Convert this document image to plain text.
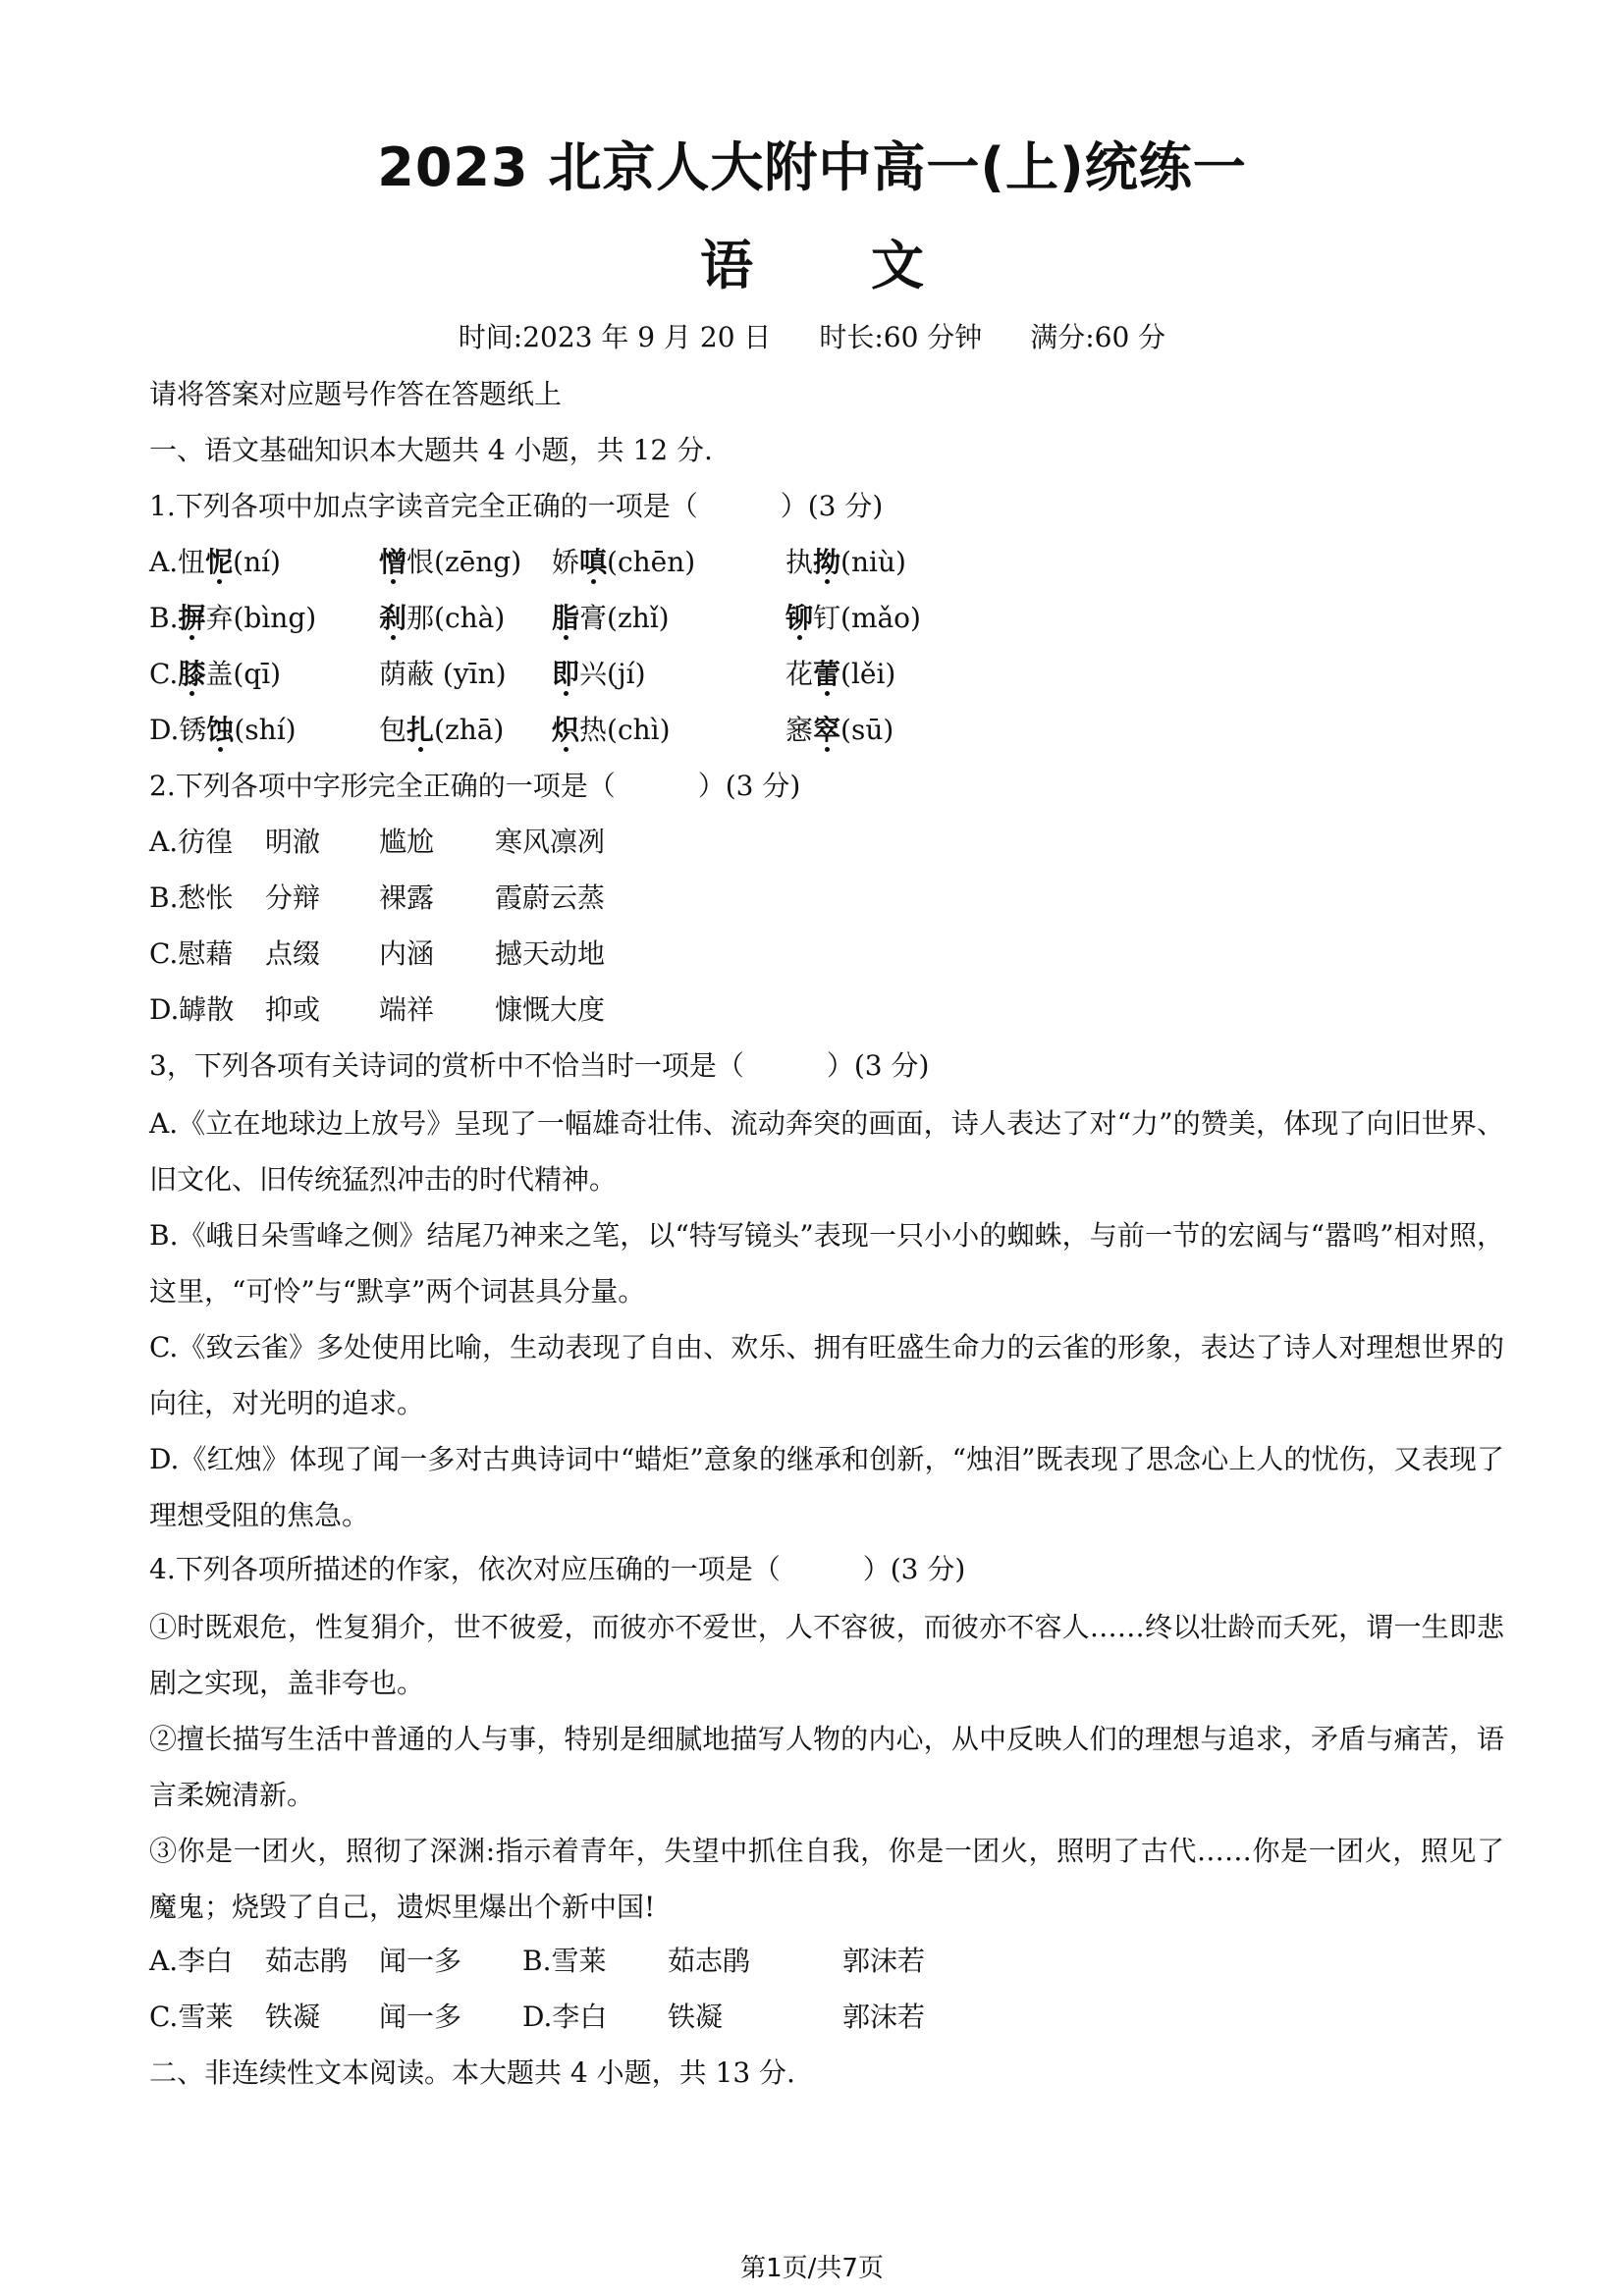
2023 北京人大附中高一(上)统练一
语 文
时间:2023 年 9 月 20 日 时长:60 分钟 满分:60 分
请将答案对应题号作答在答题纸上
一、语文基础知识本大题共 4 小题，共 12 分.
1.下列各项中加点字读音完全正确的一项是（　　　）(3 分)
A.忸怩(ní)	憎恨(zēng) 娇嗔(chēn)	执拗(niù)
B.摒弃(bìng) 刹那(chà) 脂膏(zhǐ)	铆钉(mǎo)
C.膝盖(qī)	荫蔽 (yīn) 即兴(jí)	花蕾(lěi)
D.锈蚀(shí)	包扎(zhā) 炽热(chì)	窸窣(sū)
2.下列各项中字形完全正确的一项是（　　　）(3 分)
A.彷徨 明澈 尴尬 寒风凛冽
B.愁怅 分辩 裸露 霞蔚云蒸
C.慰藉 点缀 内涵 撼天动地
D.罅散 抑或 端祥 慷慨大度
3，下列各项有关诗词的赏析中不恰当时一项是（　　　）(3 分)
A.《立在地球边上放号》呈现了一幅雄奇壮伟、流动奔突的画面，诗人表达了对“力”的赞美，体现了向旧世界、旧文化、旧传统猛烈冲击的时代精神。
B.《峨日朵雪峰之侧》结尾乃神来之笔，以“特写镜头”表现一只小小的蜘蛛，与前一节的宏阔与“嚣鸣”相对照，这里，“可怜”与“默享”两个词甚具分量。
C.《致云雀》多处使用比喻，生动表现了自由、欢乐、拥有旺盛生命力的云雀的形象，表达了诗人对理想世界的向往，对光明的追求。
D.《红烛》体现了闻一多对古典诗词中“蜡炬”意象的继承和创新，“烛泪”既表现了思念心上人的忧伤，又表现了理想受阻的焦急。
4.下列各项所描述的作家，依次对应压确的一项是（　　　）(3 分)
①时既艰危，性复狷介，世不彼爱，而彼亦不爱世，人不容彼，而彼亦不容人……终以壮龄而夭死，谓一生即悲剧之实现，盖非夸也。
②擅长描写生活中普通的人与事，特别是细腻地描写人物的内心，从中反映人们的理想与追求，矛盾与痛苦，语言柔婉清新。
③你是一团火，照彻了深渊:指示着青年，失望中抓住自我，你是一团火，照明了古代……你是一团火，照见了魔鬼；烧毁了自己，遗烬里爆出个新中国!
A.李白 茹志鹃 闻一多 B.雪莱 茹志鹃	郭沫若
C.雪莱 铁凝 闻一多 D.李白 铁凝	郭沫若
二、非连续性文本阅读。本大题共 4 小题，共 13 分.
第1页/共7页
